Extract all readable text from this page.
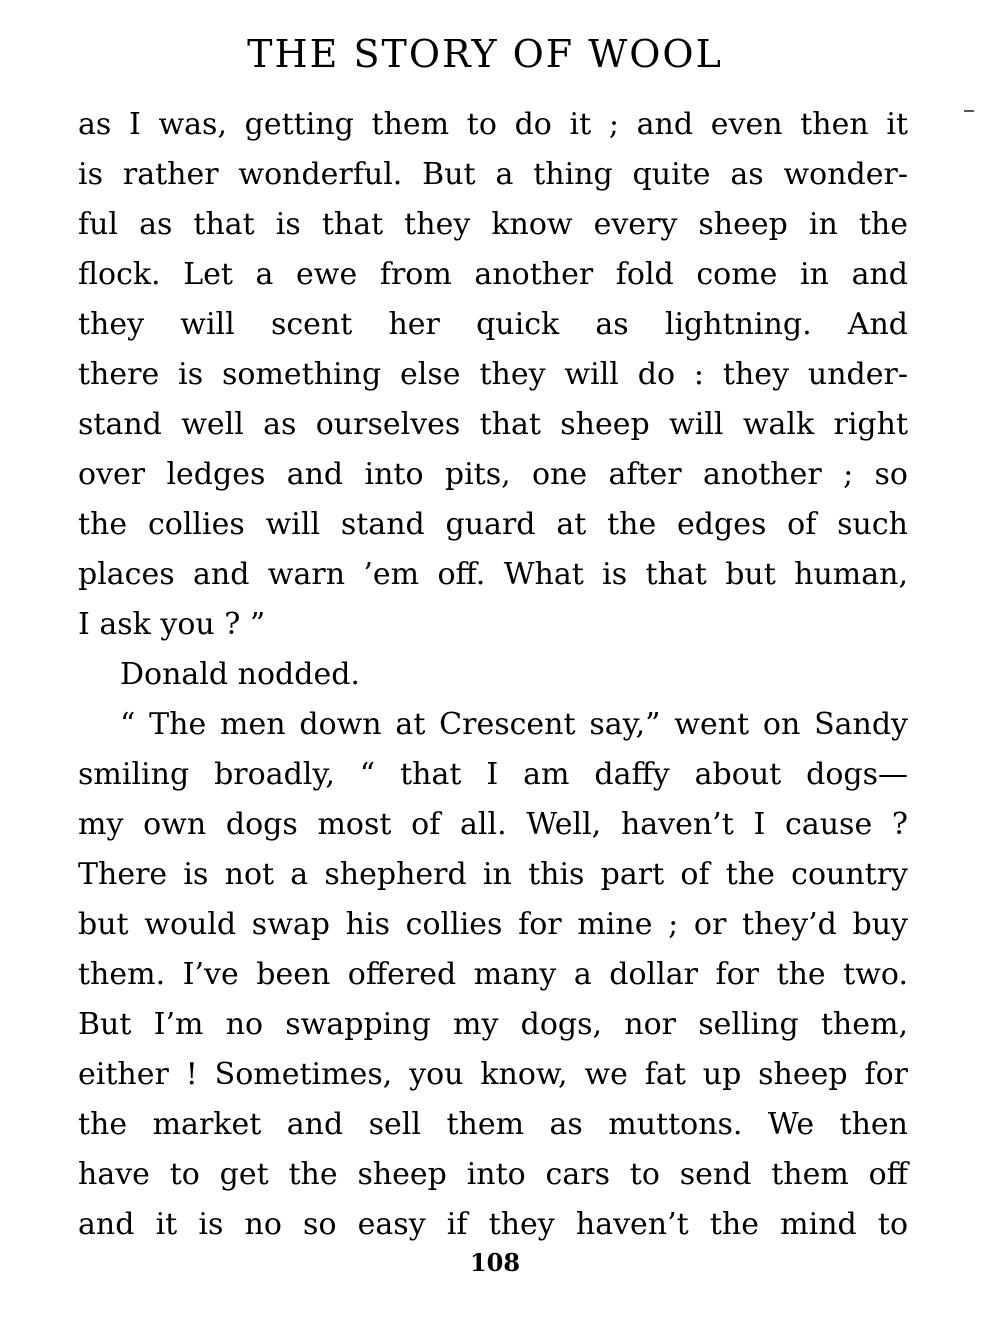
THE STORY OF WOOL
as I was, getting them to do it ; and even then it
is rather wonderful. But a thing quite as wonder-
ful as that is that they know every sheep in the
flock. Let a ewe from another fold come in and
they will scent her quick as lightning. And
there is something else they will do : they under-
stand well as ourselves that sheep will walk right
over ledges and into pits, one after another ; so
the collies will stand guard at the edges of such
places and warn ’em off. What is that but human,
I ask you ? ”
Donald nodded.
“ The men down at Crescent say,” went on Sandy
smiling broadly, “ that I am daffy about dogs—
my own dogs most of all. Well, haven’t I cause ?
There is not a shepherd in this part of the country
but would swap his collies for mine ; or they’d buy
them. I’ve been offered many a dollar for the two.
But I’m no swapping my dogs, nor selling them,
either ! Sometimes, you know, we fat up sheep for
the market and sell them as muttons. We then
have to get the sheep into cars to send them off
and it is no so easy if they haven’t the mind to
108
